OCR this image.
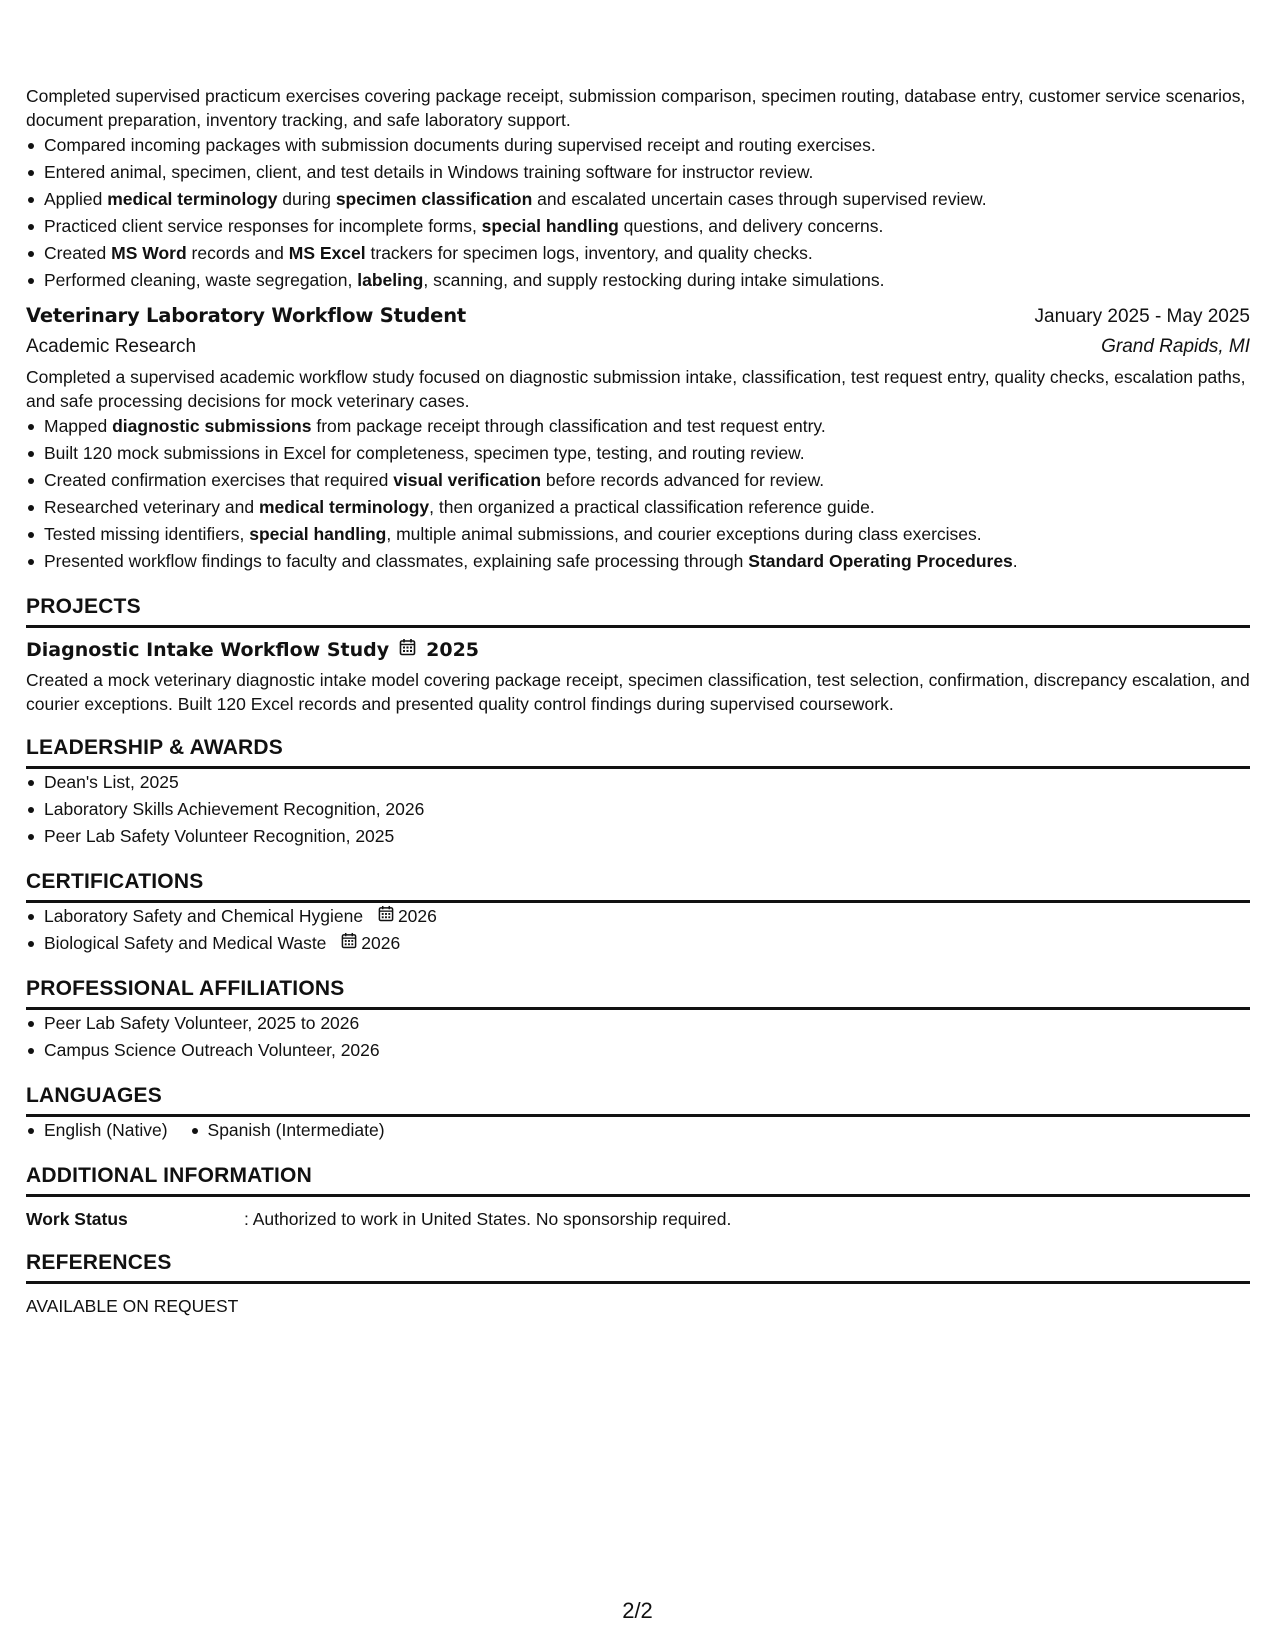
Completed supervised practicum exercises covering package receipt, submission comparison, specimen routing, database entry, customer service scenarios, document preparation, inventory tracking, and safe laboratory support.

Compared incoming packages with submission documents during supervised receipt and routing exercises.
Entered animal, specimen, client, and test details in Windows training software for instructor review.
Applied medical terminology during specimen classification and escalated uncertain cases through supervised review.
Practiced client service responses for incomplete forms, special handling questions, and delivery concerns.
Created MS Word records and MS Excel trackers for specimen logs, inventory, and quality checks.
Performed cleaning, waste segregation, labeling, scanning, and supply restocking during intake simulations.
Veterinary Laboratory Workflow Student	January 2025 - May 2025
Academic Research	Grand Rapids, MI

Completed a supervised academic workflow study focused on diagnostic submission intake, classification, test request entry, quality checks, escalation paths, and safe processing decisions for mock veterinary cases.

Mapped diagnostic submissions from package receipt through classification and test request entry.
Built 120 mock submissions in Excel for completeness, specimen type, testing, and routing review.
Created confirmation exercises that required visual verification before records advanced for review.
Researched veterinary and medical terminology, then organized a practical classification reference guide.
Tested missing identifiers, special handling, multiple animal submissions, and courier exceptions during class exercises.
Presented workflow findings to faculty and classmates, explaining safe processing through Standard Operating Procedures.
PROJECTS
Diagnostic Intake Workflow Study 2025

Created a mock veterinary diagnostic intake model covering package receipt, specimen classification, test selection, confirmation, discrepancy escalation, and courier exceptions. Built 120 Excel records and presented quality control findings during supervised coursework.

LEADERSHIP & AWARDS
Dean's List, 2025
Laboratory Skills Achievement Recognition, 2026
Peer Lab Safety Volunteer Recognition, 2025
CERTIFICATIONS
Laboratory Safety and Chemical Hygiene 2026
Biological Safety and Medical Waste 2026
PROFESSIONAL AFFILIATIONS
Peer Lab Safety Volunteer, 2025 to 2026
Campus Science Outreach Volunteer, 2026
LANGUAGES
English (Native)	Spanish (Intermediate)
ADDITIONAL INFORMATION
Work Status	: Authorized to work in United States. No sponsorship required.
REFERENCES
AVAILABLE ON REQUEST
2/2
